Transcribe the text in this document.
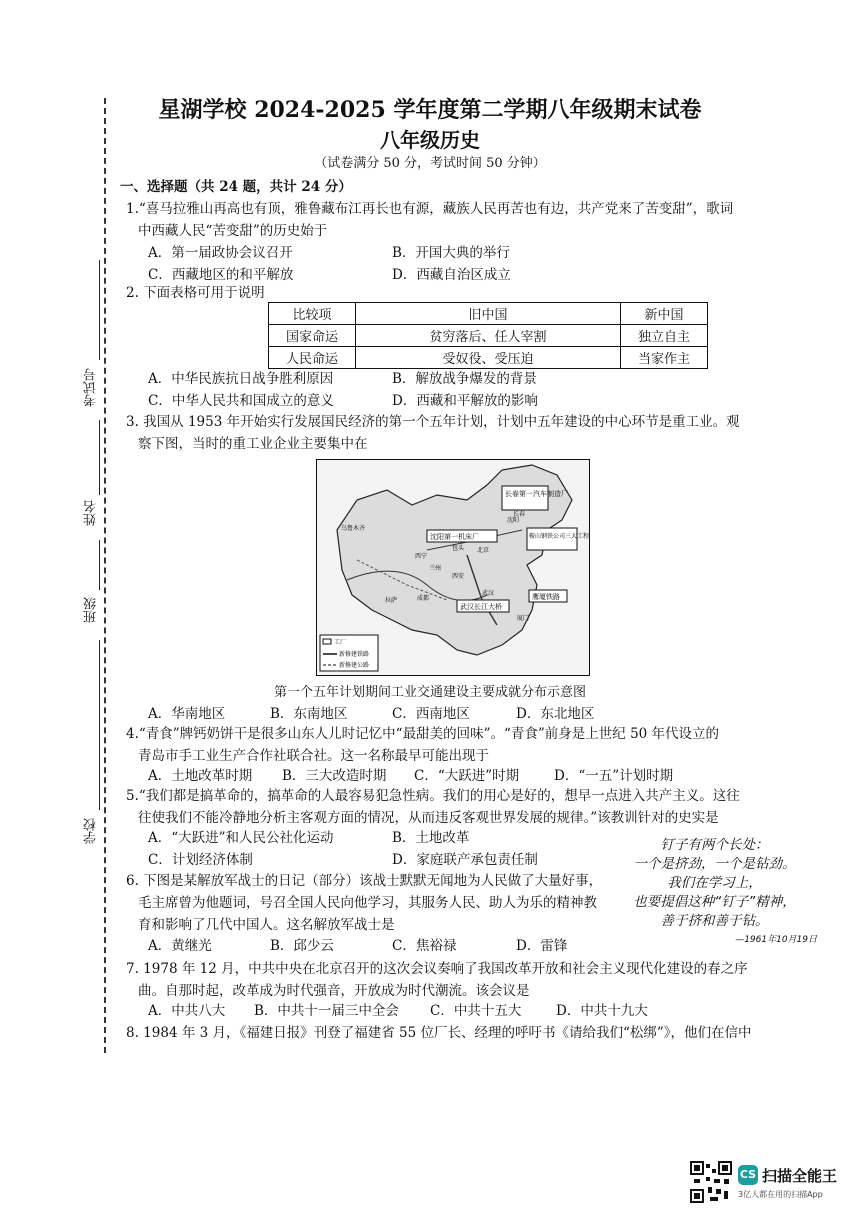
考试号
姓名
班级
学校
星湖学校 2024-2025 学年度第二学期八年级期末试卷
八年级历史
（试卷满分 50 分，考试时间 50 分钟）
一、选择题（共 24 题，共计 24 分）
1.“喜马拉雅山再高也有顶，雅鲁藏布江再长也有源，藏族人民再苦也有边，共产党来了苦变甜”，歌词
中西藏人民“苦变甜”的历史始于
A．第一届政协会议召开	B．开国大典的举行
C．西藏地区的和平解放	D．西藏自治区成立
2. 下面表格可用于说明
比较项	旧中国	新中国
国家命运	贫穷落后、任人宰割	独立自主
人民命运	受奴役、受压迫	当家作主
A．中华民族抗日战争胜利原因	B．解放战争爆发的背景
C．中华人民共和国成立的意义	D．西藏和平解放的影响
3. 我国从 1953 年开始实行发展国民经济的第一个五年计划，计划中五年建设的中心环节是重工业。观
察下图，当时的重工业企业主要集中在
长春第一汽车制造厂
沈阳第一机床厂	鞍山钢铁公司三大工程
武汉长江大桥
鹰厦铁路
乌鲁木齐
西宁
兰州
拉萨
北京
沈阳
长春
西安
武汉
厦门
包头
成都
工厂
新修建铁路
新修建公路
第一个五年计划期间工业交通建设主要成就分布示意图
A．华南地区	B．东南地区	C．西南地区	D．东北地区
4.“青食”牌钙奶饼干是很多山东人儿时记忆中“最甜美的回味”。“青食”前身是上世纪 50 年代设立的
青岛市手工业生产合作社联合社。这一名称最早可能出现于
A．土地改革时期 B．三大改造时期 C．“大跃进”时期	D．“一五”计划时期
5.“我们都是搞革命的，搞革命的人最容易犯急性病。我们的用心是好的，想早一点进入共产主义。这往
往使我们不能冷静地分析主客观方面的情况，从而违反客观世界发展的规律。”该教训针对的史实是
A．“大跃进”和人民公社化运动	B．土地改革
C．计划经济体制	D．家庭联产承包责任制
6. 下图是某解放军战士的日记（部分）该战士默默无闻地为人民做了大量好事，
毛主席曾为他题词，号召全国人民向他学习，其服务人民、助人为乐的精神教
育和影响了几代中国人。这名解放军战士是
A．黄继光	B．邱少云	C．焦裕禄	D．雷锋
钉子有两个长处：
一个是挤劲，一个是钻劲。
我们在学习上，
也要提倡这种“钉子”精神，
善于挤和善于钻。
—1961年10月19日
7. 1978 年 12 月，中共中央在北京召开的这次会议奏响了我国改革开放和社会主义现代化建设的春之序
曲。自那时起，改革成为时代强音，开放成为时代潮流。该会议是
A．中共八大 B．中共十一届三中全会 C．中共十五大	D．中共十九大
8. 1984 年 3 月，《福建日报》刊登了福建省 55 位厂长、经理的呼吁书《请给我们“松绑”》，他们在信中
CS 扫描全能王
3亿人都在用的扫描App
